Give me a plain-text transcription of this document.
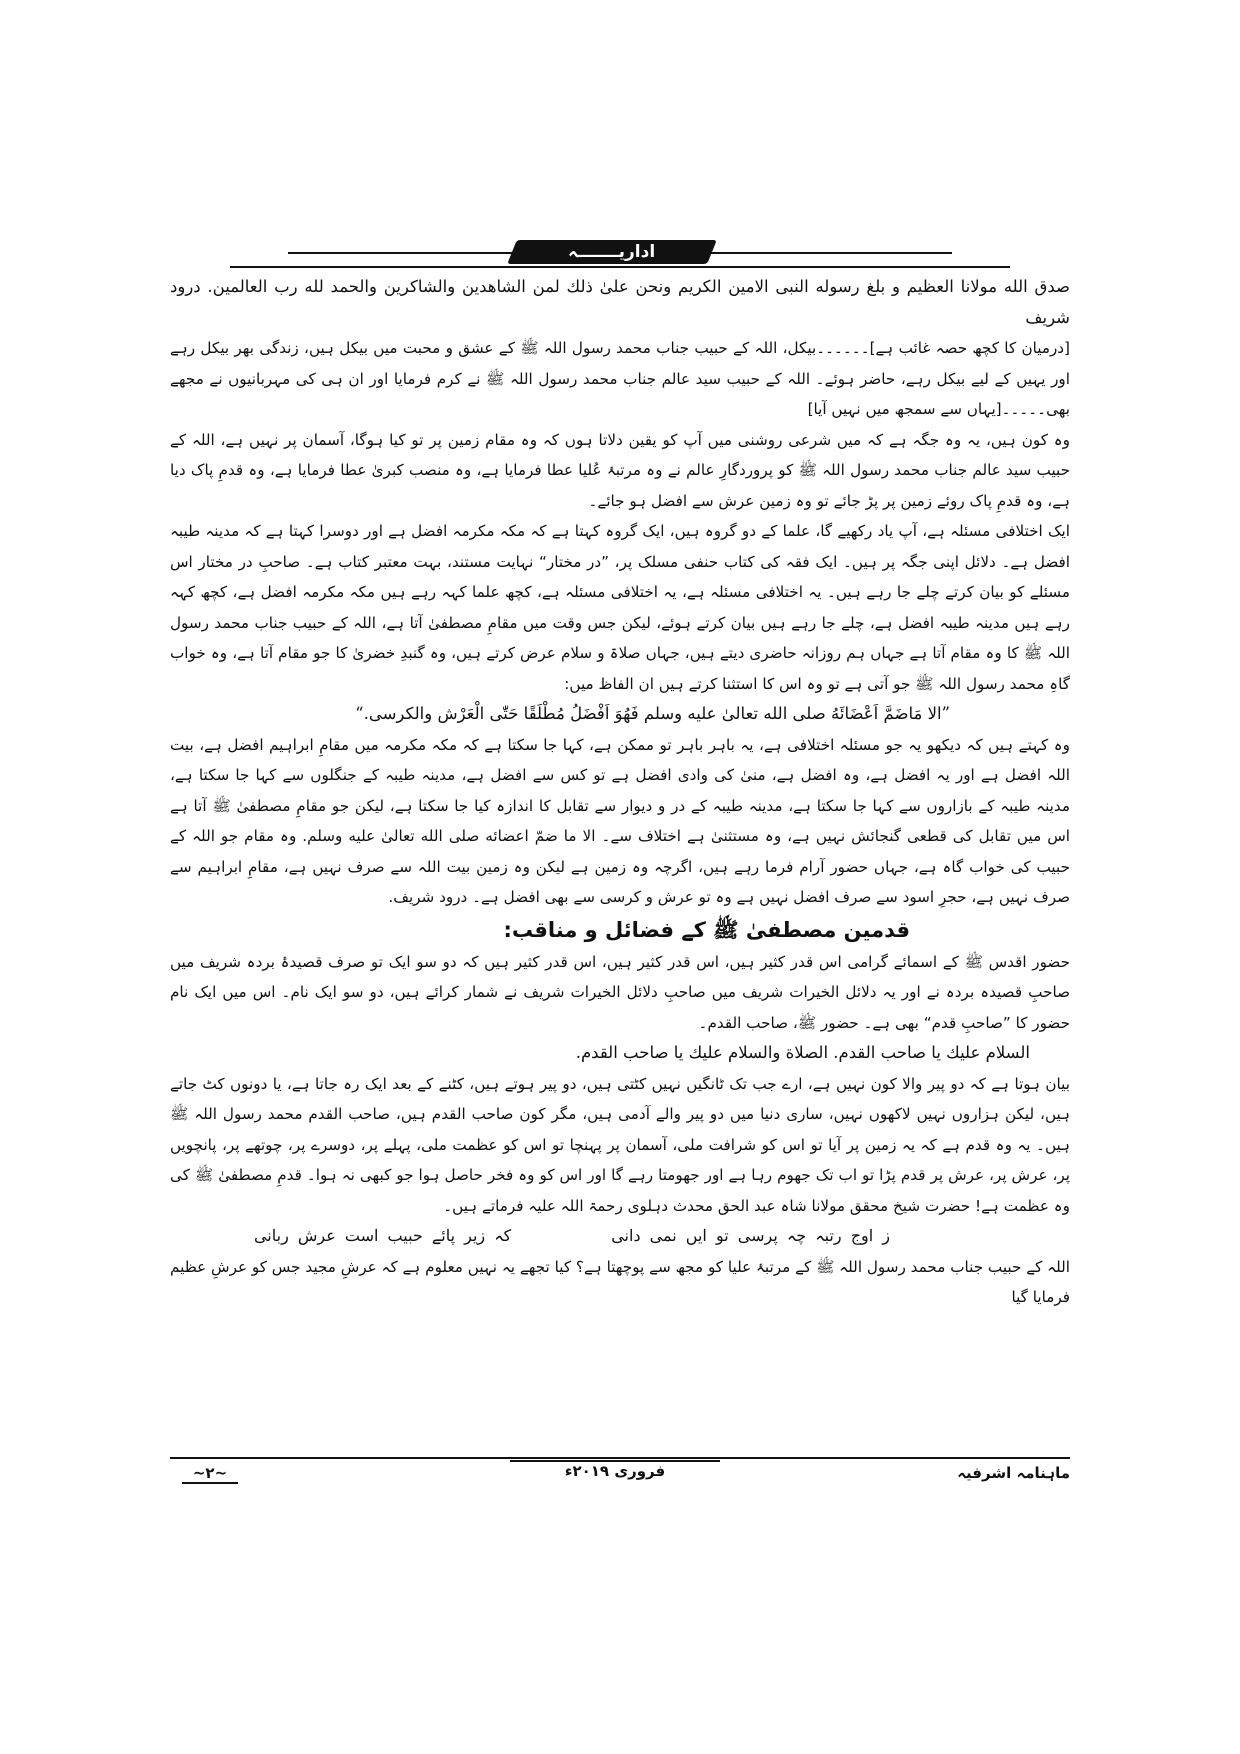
اداریـــــــہ

صدق الله مولانا العظیم و بلغ رسوله النبی الامین الکریم ونحن علیٰ ذلك لمن الشاهدین والشاکرین والحمد لله رب العالمین. درود شریف

[درمیان کا کچھ حصہ غائب ہے]۔۔۔۔۔۔بیکل، اللہ کے حبیب جناب محمد رسول اللہ ﷺ کے عشق و محبت میں بیکل ہیں، زندگی بھر بیکل رہے اور یہیں کے لیے بیکل رہے، حاضر ہوئے۔ اللہ کے حبیب سید عالم جناب محمد رسول اللہ ﷺ نے کرم فرمایا اور ان ہی کی مہربانیوں نے مجھے بھی۔۔۔۔۔[یہاں سے سمجھ میں نہیں آیا]

وہ کون ہیں، یہ وہ جگہ ہے کہ میں شرعی روشنی میں آپ کو یقین دلاتا ہوں کہ وہ مقام زمین پر تو کیا ہوگا، آسمان پر نہیں ہے، اللہ کے حبیب سید عالم جناب محمد رسول اللہ ﷺ کو پروردگارِ عالم نے وہ مرتبۂ عُلیا عطا فرمایا ہے، وہ منصب کبریٰ عطا فرمایا ہے، وہ قدمِ پاک دیا ہے، وہ قدمِ پاک روئے زمین پر پڑ جائے تو وہ زمین عرش سے افضل ہو جائے۔

ایک اختلافی مسئلہ ہے، آپ یاد رکھیے گا، علما کے دو گروہ ہیں، ایک گروہ کہتا ہے کہ مکہ مکرمہ افضل ہے اور دوسرا کہتا ہے کہ مدینہ طیبہ افضل ہے۔ دلائل اپنی جگہ پر ہیں۔ ایک فقہ کی کتاب حنفی مسلک پر، ”در مختار“ نہایت مستند، بہت معتبر کتاب ہے۔ صاحبِ در مختار اس مسئلے کو بیان کرتے چلے جا رہے ہیں۔ یہ اختلافی مسئلہ ہے، یہ اختلافی مسئلہ ہے، کچھ علما کہہ رہے ہیں مکہ مکرمہ افضل ہے، کچھ کہہ رہے ہیں مدینہ طیبہ افضل ہے، چلے جا رہے ہیں بیان کرتے ہوئے، لیکن جس وقت میں مقامِ مصطفیٰ آتا ہے، اللہ کے حبیب جناب محمد رسول اللہ ﷺ کا وہ مقام آتا ہے جہاں ہم روزانہ حاضری دیتے ہیں، جہاں صلاۃ و سلام عرض کرتے ہیں، وہ گنبدِ خضریٰ کا جو مقام آتا ہے، وہ خواب گاہِ محمد رسول اللہ ﷺ جو آتی ہے تو وہ اس کا استثنا کرتے ہیں ان الفاظ میں:

”الا مَاضَمَّ اَعْضَائَهُ صلی الله تعالیٰ علیه وسلم فَهُوَ اَفْضَلُ مُطْلَقًا حَتّٰی الْعَرْش والکرسی.“

وہ کہتے ہیں کہ دیکھو یہ جو مسئلہ اختلافی ہے، یہ باہر باہر تو ممکن ہے، کہا جا سکتا ہے کہ مکہ مکرمہ میں مقامِ ابراہیم افضل ہے، بیت اللہ افضل ہے اور یہ افضل ہے، وہ افضل ہے، منیٰ کی وادی افضل ہے تو کس سے افضل ہے، مدینہ طیبہ کے جنگلوں سے کہا جا سکتا ہے، مدینہ طیبہ کے بازاروں سے کہا جا سکتا ہے، مدینہ طیبہ کے در و دیوار سے تقابل کا اندازہ کیا جا سکتا ہے، لیکن جو مقامِ مصطفیٰ ﷺ آتا ہے اس میں تقابل کی قطعی گنجائش نہیں ہے، وہ مستثنیٰ ہے اختلاف سے۔ الا ما ضمّ اعضائه صلی الله تعالیٰ علیه وسلم. وہ مقام جو اللہ کے حبیب کی خواب گاہ ہے، جہاں حضور آرام فرما رہے ہیں، اگرچہ وہ زمین ہے لیکن وہ زمین بیت اللہ سے صرف نہیں ہے، مقامِ ابراہیم سے صرف نہیں ہے، حجرِ اسود سے صرف افضل نہیں ہے وہ تو عرش و کرسی سے بھی افضل ہے۔ درود شریف.

قدمین مصطفیٰ ﷺ کے فضائل و مناقب:

حضور اقدس ﷺ کے اسمائے گرامی اس قدر کثیر ہیں، اس قدر کثیر ہیں، اس قدر کثیر ہیں کہ دو سو ایک تو صرف قصیدۂ بردہ شریف میں صاحبِ قصیدہ بردہ نے اور یہ دلائل الخیرات شریف میں صاحبِ دلائل الخیرات شریف نے شمار کرائے ہیں، دو سو ایک نام۔ اس میں ایک نام حضور کا ”صاحبِ قدم“ بھی ہے۔ حضور ﷺ، صاحب القدم۔

السلام علیك یا صاحب القدم. الصلاة والسلام علیك یا صاحب القدم.

بیان ہوتا ہے کہ دو پیر والا کون نہیں ہے، ارے جب تک ٹانگیں نہیں کٹتی ہیں، دو پیر ہوتے ہیں، کٹنے کے بعد ایک رہ جاتا ہے، یا دونوں کٹ جاتے ہیں، لیکن ہزاروں نہیں لاکھوں نہیں، ساری دنیا میں دو پیر والے آدمی ہیں، مگر کون صاحب القدم ہیں، صاحب القدم محمد رسول اللہ ﷺ ہیں۔ یہ وہ قدم ہے کہ یہ زمین پر آیا تو اس کو شرافت ملی، آسمان پر پہنچا تو اس کو عظمت ملی، پہلے پر، دوسرے پر، چوتھے پر، پانچویں پر، عرش پر، عرش پر قدم پڑا تو اب تک جھوم رہا ہے اور جھومتا رہے گا اور اس کو وہ فخر حاصل ہوا جو کبھی نہ ہوا۔ قدمِ مصطفیٰ ﷺ کی وہ عظمت ہے! حضرت شیخ محقق مولانا شاہ عبد الحق محدث دہلوی رحمۃ اللہ علیہ فرماتے ہیں۔

ز اوج رتبہ چہ پرسی تو ایں نمی دانیکہ زیر پائے حبیب است عرش ربانی

اللہ کے حبیب جناب محمد رسول اللہ ﷺ کے مرتبۂ علیا کو مجھ سے پوچھتا ہے؟ کیا تجھے یہ نہیں معلوم ہے کہ عرشِ مجید جس کو عرشِ عظیم فرمایا گیا

ماہنامہ اشرفیہ
فروری ۲۰۱۹ء
~۲~
